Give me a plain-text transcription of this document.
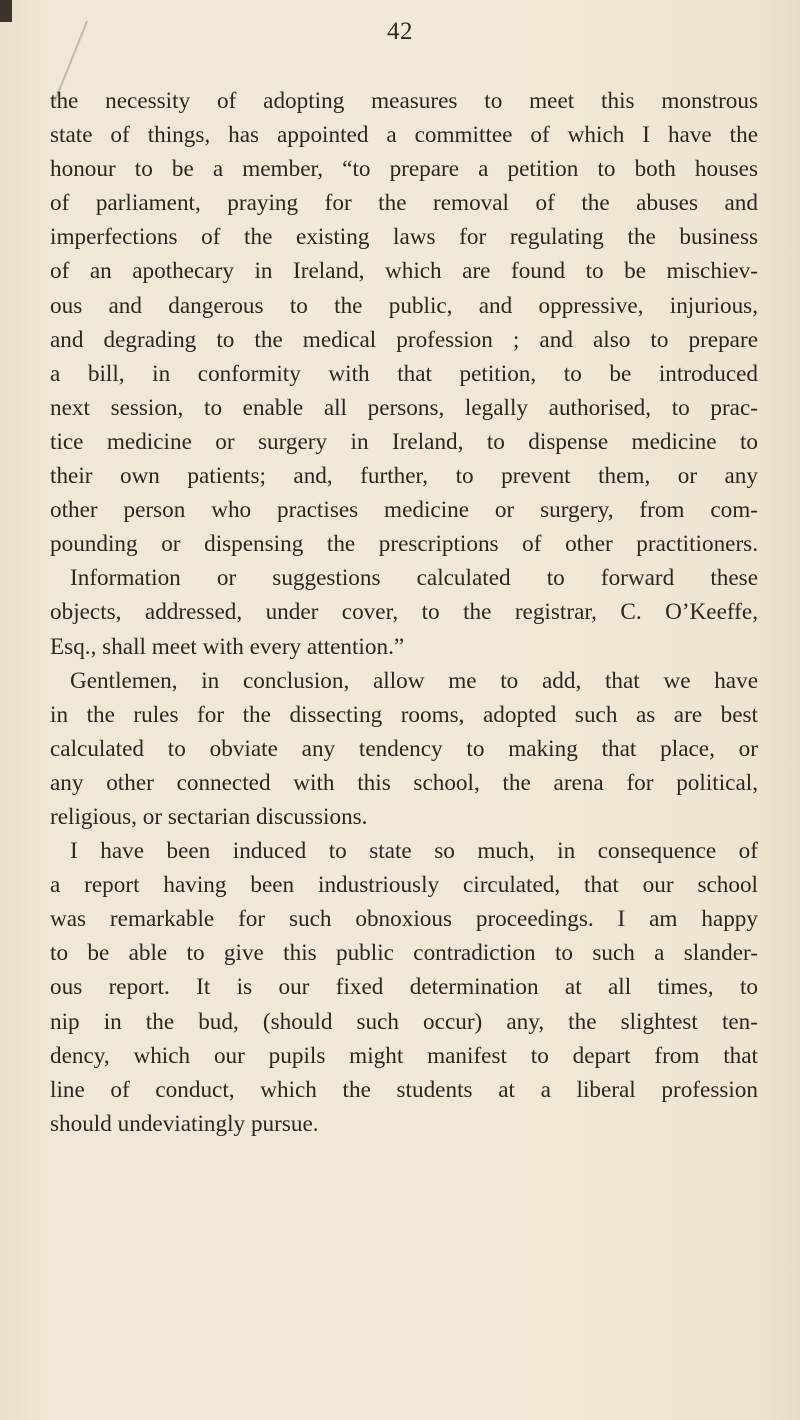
42
the necessity of adopting measures to meet this monstrous
state of things, has appointed a committee of which I have the
honour to be a member, “to prepare a petition to both houses
of parliament, praying for the removal of the abuses and
imperfections of the existing laws for regulating the business
of an apothecary in Ireland, which are found to be mischiev-
ous and dangerous to the public, and oppressive, injurious,
and degrading to the medical profession ; and also to prepare
a bill, in conformity with that petition, to be introduced
next session, to enable all persons, legally authorised, to prac-
tice medicine or surgery in Ireland, to dispense medicine to
their own patients; and, further, to prevent them, or any
other person who practises medicine or surgery, from com-
pounding or dispensing the prescriptions of other practitioners.
Information or suggestions calculated to forward these
objects, addressed, under cover, to the registrar, C. O’Keeffe,
Esq., shall meet with every attention.”
Gentlemen, in conclusion, allow me to add, that we have
in the rules for the dissecting rooms, adopted such as are best
calculated to obviate any tendency to making that place, or
any other connected with this school, the arena for political,
religious, or sectarian discussions.
I have been induced to state so much, in consequence of
a report having been industriously circulated, that our school
was remarkable for such obnoxious proceedings. I am happy
to be able to give this public contradiction to such a slander-
ous report. It is our fixed determination at all times, to
nip in the bud, (should such occur) any, the slightest ten-
dency, which our pupils might manifest to depart from that
line of conduct, which the students at a liberal profession
should undeviatingly pursue.
